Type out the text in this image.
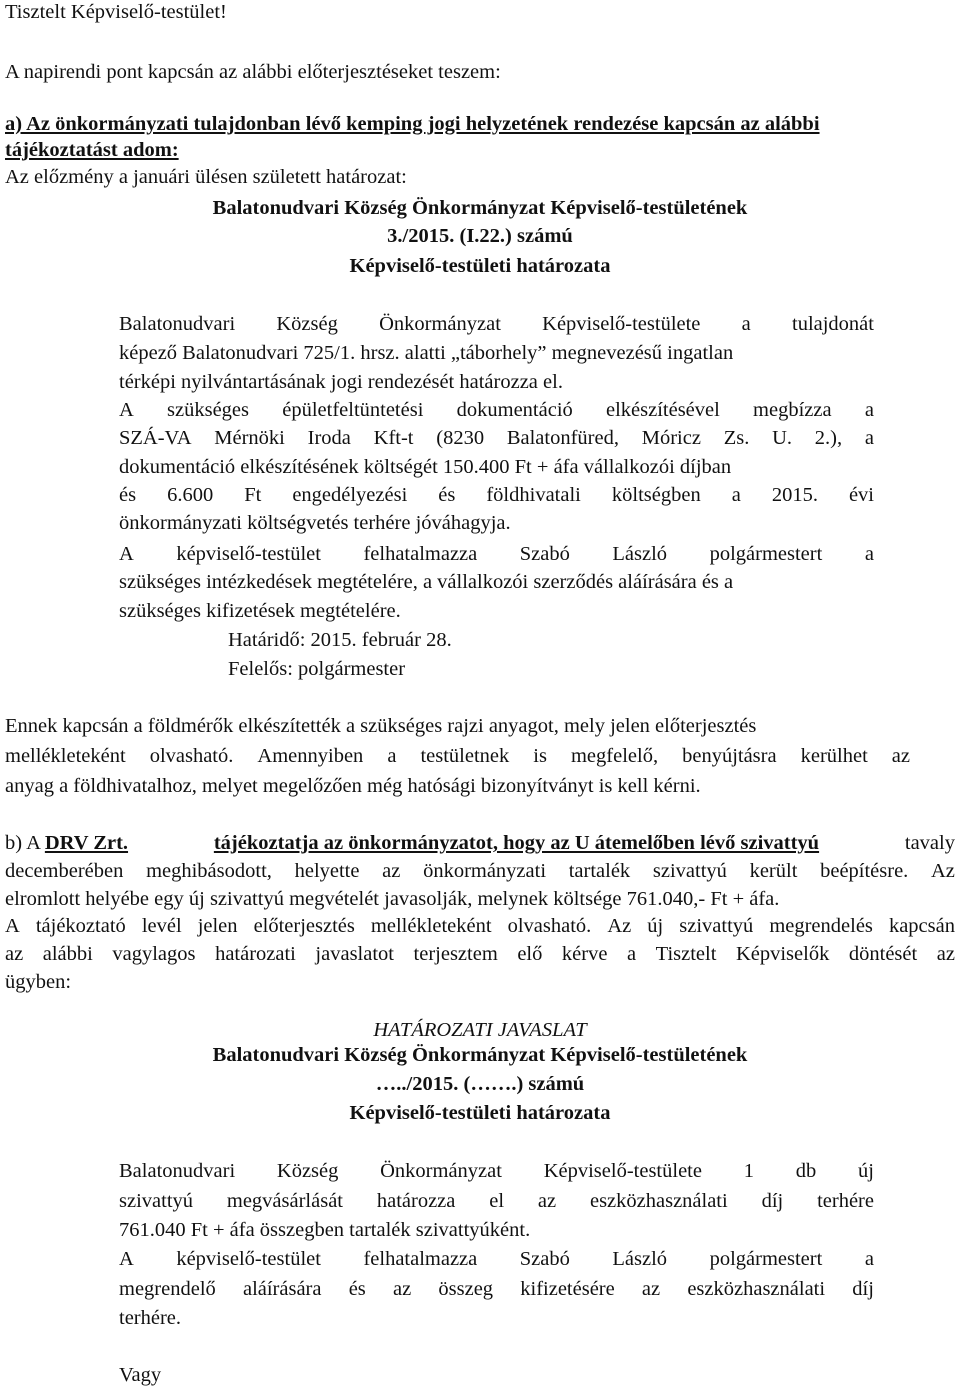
Tisztelt Képviselő-testület!
A napirendi pont kapcsán az alábbi előterjesztéseket teszem:
a) Az önkormányzati tulajdonban lévő kemping jogi helyzetének rendezése kapcsán az alábbi
tájékoztatást adom:
Az előzmény a januári ülésen született határozat:
Balatonudvari Község Önkormányzat Képviselő-testületének
3./2015. (I.22.) számú
Képviselő-testületi határozata
Balatonudvari Község Önkormányzat Képviselő-testülete a tulajdonát
képező Balatonudvari 725/1. hrsz. alatti „táborhely” megnevezésű ingatlan
térképi nyilvántartásának jogi rendezését határozza el.
A szükséges épületfeltüntetési dokumentáció elkészítésével megbízza a
SZÁ-VA Mérnöki Iroda Kft-t (8230 Balatonfüred, Móricz Zs. U. 2.), a
dokumentáció elkészítésének költségét 150.400 Ft + áfa vállalkozói díjban
és 6.600 Ft engedélyezési és földhivatali költségben a 2015. évi
önkormányzati költségvetés terhére jóváhagyja.
A képviselő-testület felhatalmazza Szabó László polgármestert a
szükséges intézkedések megtételére, a vállalkozói szerződés aláírására és a
szükséges kifizetések megtételére.
Határidő: 2015. február 28.
Felelős: polgármester
Ennek kapcsán a földmérők elkészítették a szükséges rajzi anyagot, mely jelen előterjesztés
mellékleteként olvasható. Amennyiben a testületnek is megfelelő, benyújtásra kerülhet az
anyag a földhivatalhoz, melyet megelőzően még hatósági bizonyítványt is kell kérni.
b) A DRV Zrt.	tájékoztatja az önkormányzatot, hogy az U átemelőben lévő szivattyú	tavaly
decemberében meghibásodott, helyette az önkormányzati tartalék szivattyú került beépítésre. Az
elromlott helyébe egy új szivattyú megvételét javasolják, melynek költsége 761.040,- Ft + áfa.
A tájékoztató levél jelen előterjesztés mellékleteként olvasható. Az új szivattyú megrendelés kapcsán
az alábbi vagylagos határozati javaslatot terjesztem elő kérve a Tisztelt Képviselők döntését az
ügyben:
HATÁROZATI JAVASLAT
Balatonudvari Község Önkormányzat Képviselő-testületének
…../2015. (…….) számú
Képviselő-testületi határozata
Balatonudvari Község Önkormányzat Képviselő-testülete 1 db új
szivattyú megvásárlását határozza el az eszközhasználati díj terhére
761.040 Ft + áfa összegben tartalék szivattyúként.
A képviselő-testület felhatalmazza Szabó László polgármestert a
megrendelő aláírására és az összeg kifizetésére az eszközhasználati díj
terhére.
Vagy
